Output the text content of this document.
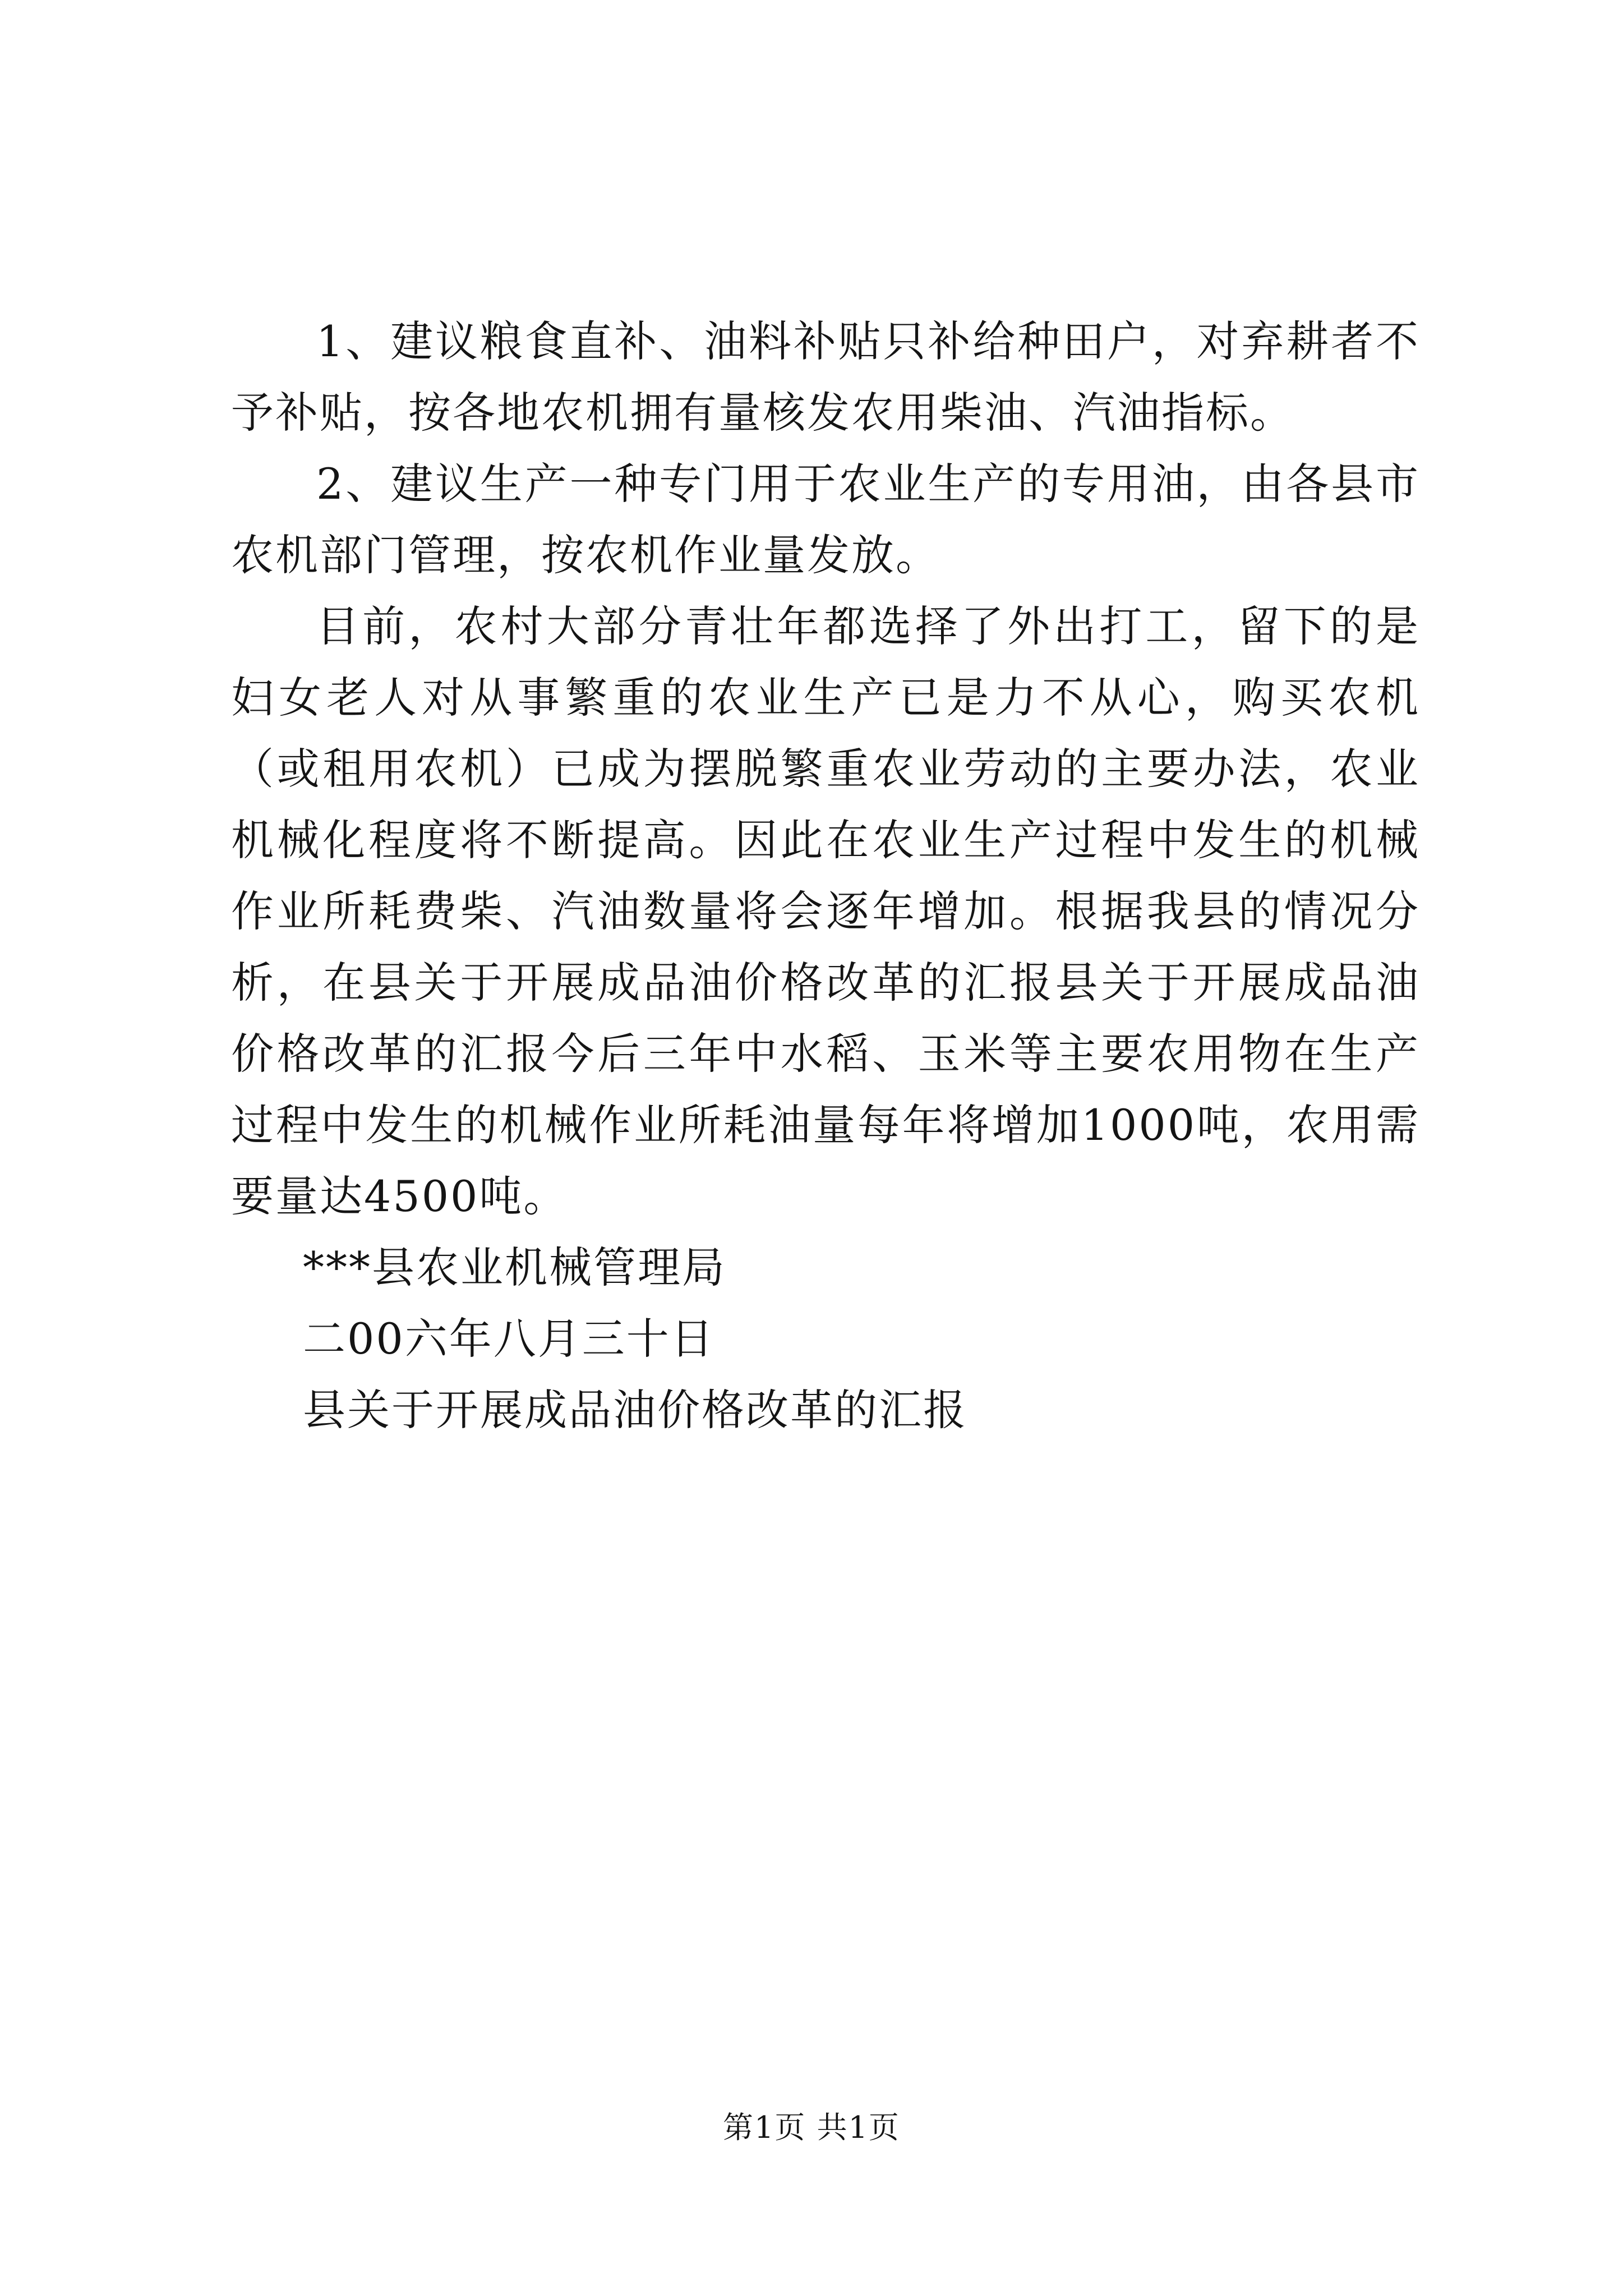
1、建议粮食直补、油料补贴只补给种田户，对弃耕者不予补贴，按各地农机拥有量核发农用柴油、汽油指标。

2、建议生产一种专门用于农业生产的专用油，由各县市农机部门管理，按农机作业量发放。

目前，农村大部分青壮年都选择了外出打工，留下的是妇女老人对从事繁重的农业生产已是力不从心，购买农机（或租用农机）已成为摆脱繁重农业劳动的主要办法，农业机械化程度将不断提高。因此在农业生产过程中发生的机械作业所耗费柴、汽油数量将会逐年增加。根据我县的情况分析，在县关于开展成品油价格改革的汇报县关于开展成品油价格改革的汇报今后三年中水稻、玉米等主要农用物在生产过程中发生的机械作业所耗油量每年将增加1000吨，农用需要量达4500吨。

***县农业机械管理局

二00六年八月三十日

县关于开展成品油价格改革的汇报

第1页 共1页
